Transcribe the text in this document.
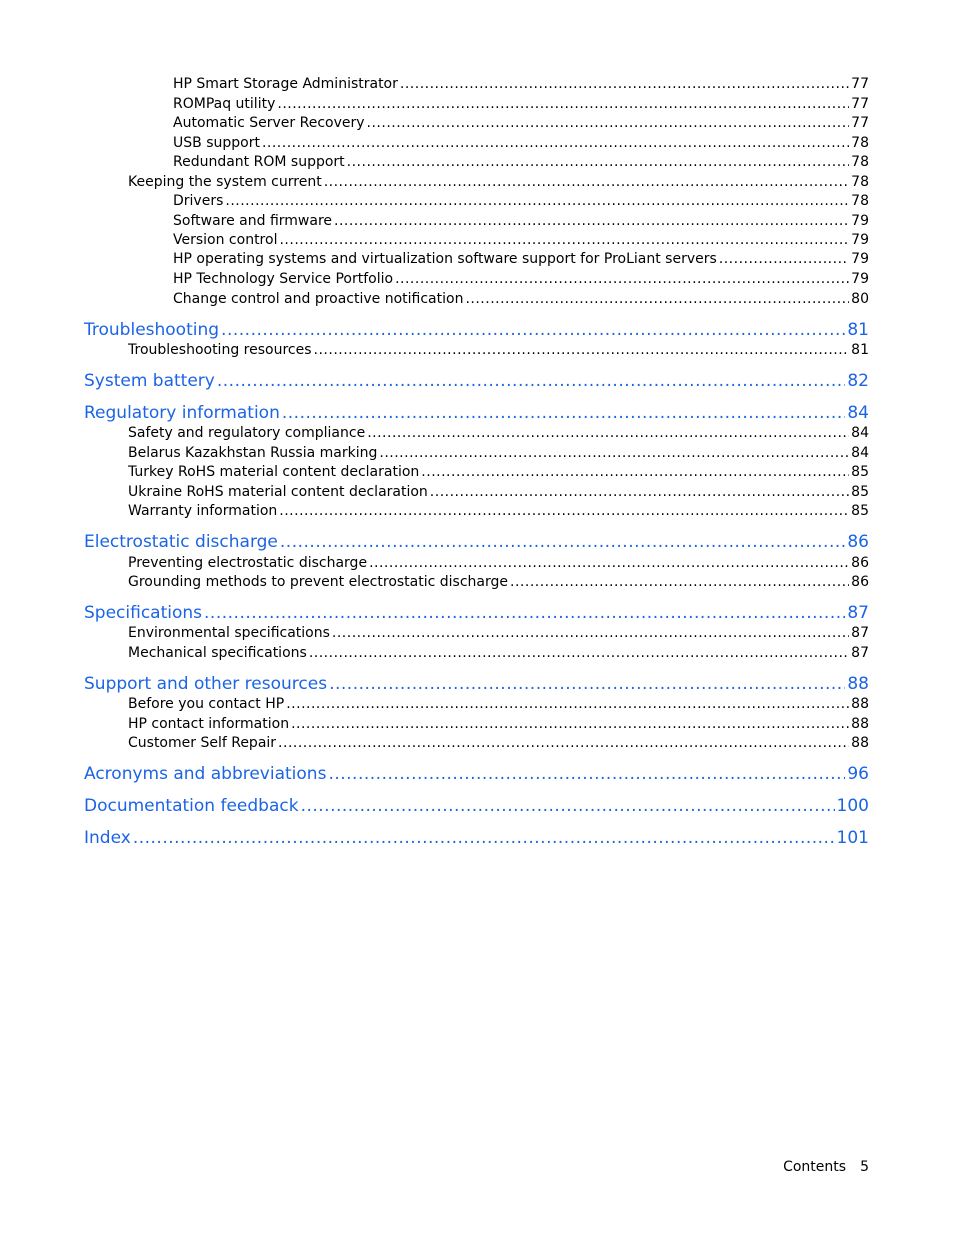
HP Smart Storage Administrator .....	77
ROMPaq utility .....	77
Automatic Server Recovery .....	77
USB support .....	78
Redundant ROM support .....	78
Keeping the system current .....	78
Drivers .....	78
Software and firmware .....	79
Version control .....	79
HP operating systems and virtualization software support for ProLiant servers .....	79
HP Technology Service Portfolio .....	79
Change control and proactive notification .....	80
Troubleshooting .....	81
Troubleshooting resources .....	81
System battery .....	82
Regulatory information .....	84
Safety and regulatory compliance .....	84
Belarus Kazakhstan Russia marking .....	84
Turkey RoHS material content declaration .....	85
Ukraine RoHS material content declaration .....	85
Warranty information .....	85
Electrostatic discharge .....	86
Preventing electrostatic discharge .....	86
Grounding methods to prevent electrostatic discharge .....	86
Specifications .....	87
Environmental specifications .....	87
Mechanical specifications .....	87
Support and other resources .....	88
Before you contact HP .....	88
HP contact information .....	88
Customer Self Repair .....	88
Acronyms and abbreviations .....	96
Documentation feedback .....	100
Index .....	101
Contents 5
